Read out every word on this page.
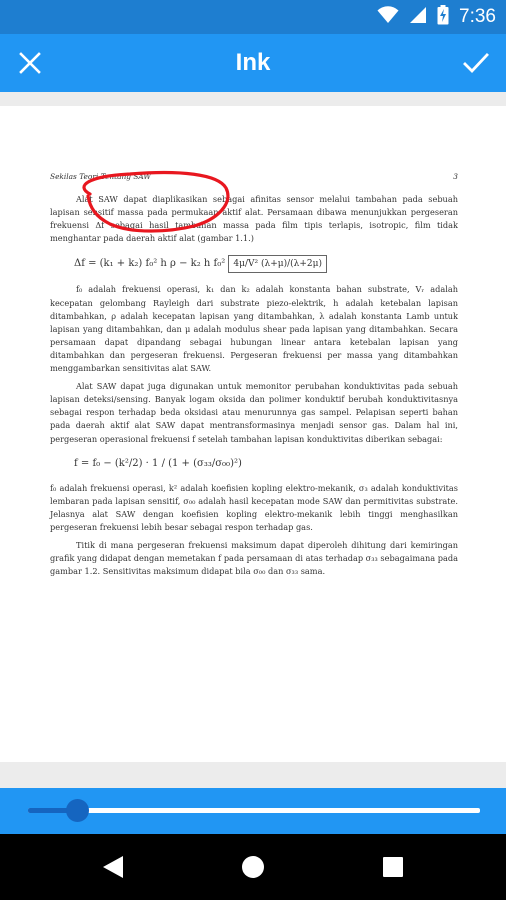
7:36
Ink
Sekilas Teori Tentang SAW	3

Alat SAW dapat diaplikasikan sebagai afinitas sensor melalui tambahan pada sebuah lapisan sensitif massa pada permukaan aktif alat. Persamaan dibawa menunjukkan pergeseran frekuensi Δf sebagai hasil tambahan massa pada film tipis terlapis, isotropic, film tidak menghantar pada daerah aktif alat (gambar 1.1.)

Δf = (k₁ + k₂) f₀² h ρ − k₂ h f₀² 4μ/V² (λ+μ)/(λ+2μ)

f₀ adalah frekuensi operasi, k₁ dan k₂ adalah konstanta bahan substrate, Vᵣ adalah kecepatan gelombang Rayleigh dari substrate piezo-elektrik, h adalah ketebalan lapisan ditambahkan, ρ adalah kecepatan lapisan yang ditambahkan, λ adalah konstanta Lamb untuk lapisan yang ditambahkan, dan μ adalah modulus shear pada lapisan yang ditambahkan. Secara persamaan dapat dipandang sebagai hubungan linear antara ketebalan lapisan yang ditambahkan dan pergeseran frekuensi. Pergeseran frekuensi per massa yang ditambahkan menggambarkan sensitivitas alat SAW.

Alat SAW dapat juga digunakan untuk memonitor perubahan konduktivitas pada sebuah lapisan deteksi/sensing. Banyak logam oksida dan polimer konduktif berubah konduktivitasnya sebagai respon terhadap beda oksidasi atau menurunnya gas sampel. Pelapisan seperti bahan pada daerah aktif alat SAW dapat mentransformasinya menjadi sensor gas. Dalam hal ini, pergeseran operasional frekuensi f setelah tambahan lapisan konduktivitas diberikan sebagai:

f = f₀ − (k²/2) · 1 / (1 + (σ₃₃/σ₀₀)²)

f₀ adalah frekuensi operasi, k² adalah koefisien kopling elektro-mekanik, σ₃ adalah konduktivitas lembaran pada lapisan sensitif, σ₀₀ adalah hasil kecepatan mode SAW dan permitivitas substrate. Jelasnya alat SAW dengan koefisien kopling elektro-mekanik lebih tinggi menghasilkan pergeseran frekuensi lebih besar sebagai respon terhadap gas.

Titik di mana pergeseran frekuensi maksimum dapat diperoleh dihitung dari kemiringan grafik yang didapat dengan memetakan f pada persamaan di atas terhadap σ₃₃ sebagaimana pada gambar 1.2. Sensitivitas maksimum didapat bila σ₀₀ dan σ₃₃ sama.
